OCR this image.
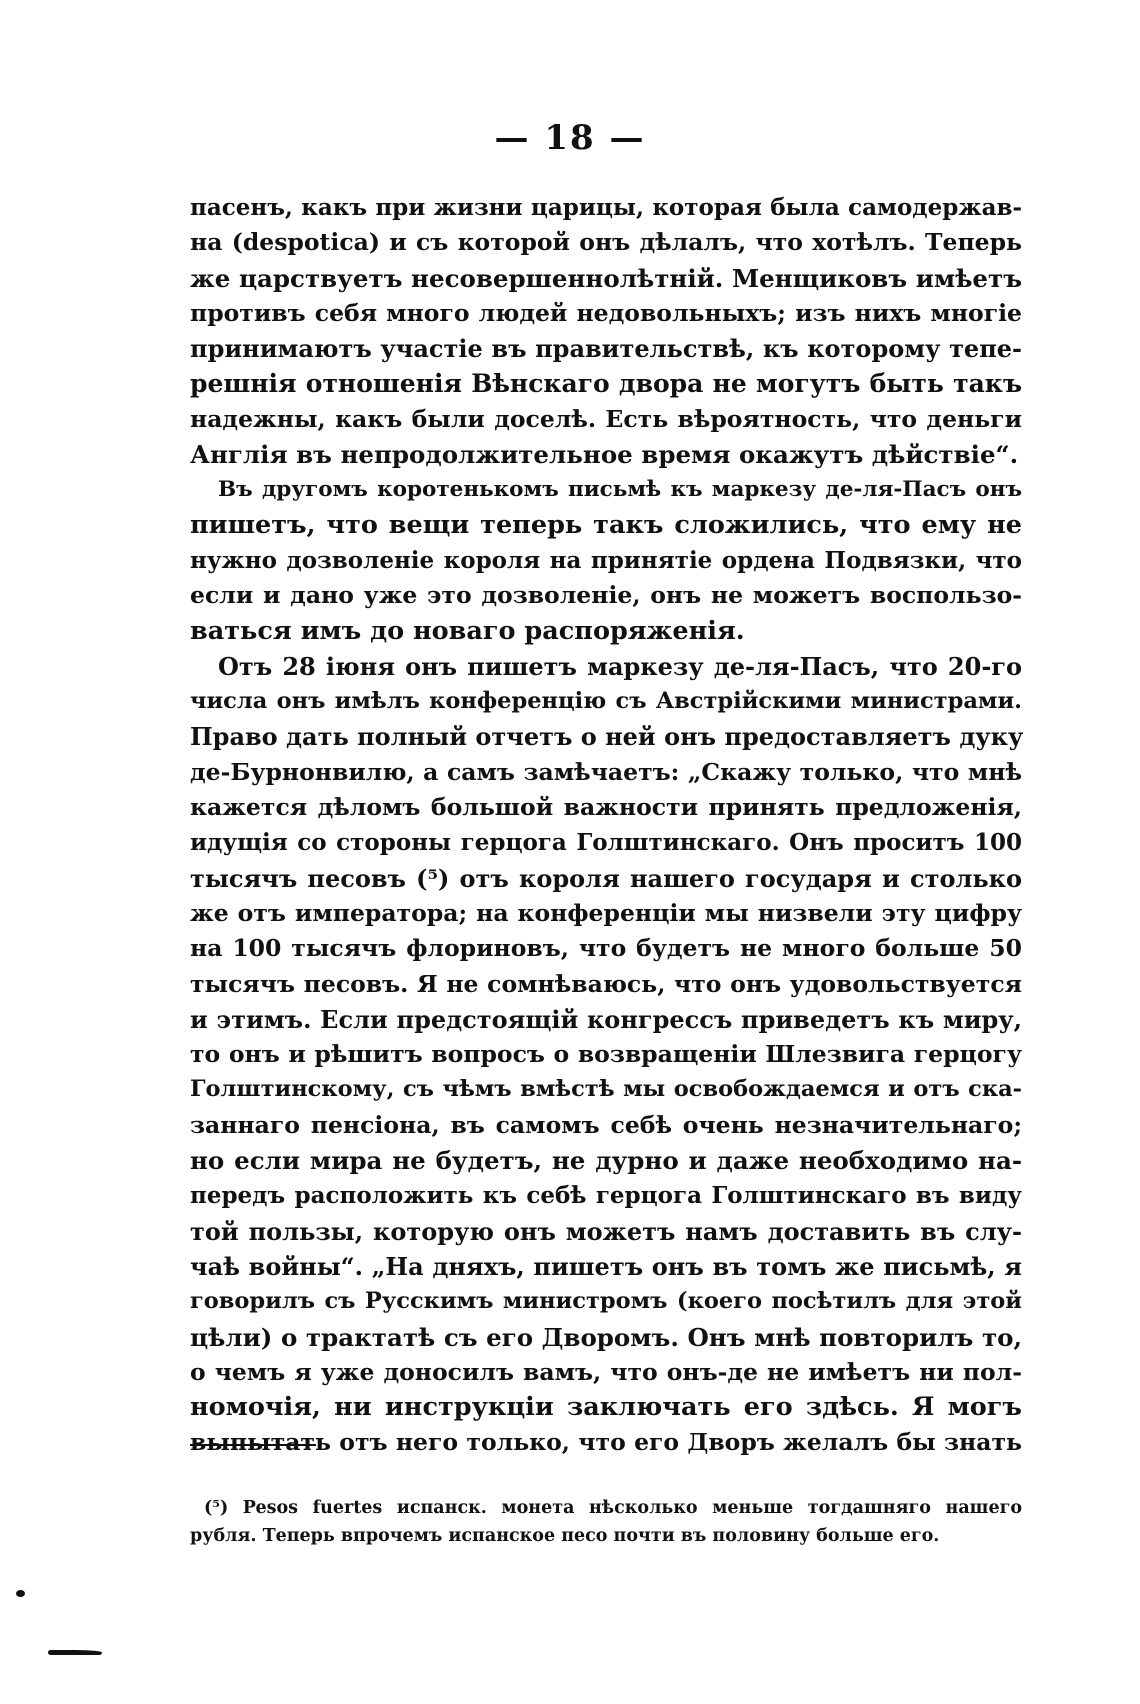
— 18 —
пасенъ, какъ при жизни царицы, которая была самодержав-
на (despotica) и съ которой онъ дѣлалъ, что хотѣлъ. Теперь
же царствуетъ несовершеннолѣтній. Менщиковъ имѣетъ
противъ себя много людей недовольныхъ; изъ нихъ многіе
принимаютъ участіе въ правительствѣ, къ которому тепе-
решнія отношенія Вѣнскаго двора не могутъ быть такъ
надежны, какъ были доселѣ. Есть вѣроятность, что деньги
Англія въ непродолжительное время окажутъ дѣйствіе“.
Въ другомъ коротенькомъ письмѣ къ маркезу де-ля-Пасъ онъ
пишетъ, что вещи теперь такъ сложились, что ему не
нужно дозволеніе короля на принятіе ордена Подвязки, что
если и дано уже это дозволеніе, онъ не можетъ воспользо-
ваться имъ до новаго распоряженія.
Отъ 28 іюня онъ пишетъ маркезу де-ля-Пасъ, что 20-го
числа онъ имѣлъ конференцію съ Австрійскими министрами.
Право дать полный отчетъ о ней онъ предоставляетъ дуку
де-Бурнонвилю, а самъ замѣчаетъ: „Скажу только, что мнѣ
кажется дѣломъ большой важности принять предложенія,
идущія со стороны герцога Голштинскаго. Онъ проситъ 100
тысячъ песовъ (⁵) отъ короля нашего государя и столько
же отъ императора; на конференціи мы низвели эту цифру
на 100 тысячъ флориновъ, что будетъ не много больше 50
тысячъ песовъ. Я не сомнѣваюсь, что онъ удовольствуется
и этимъ. Если предстоящій конгрессъ приведетъ къ миру,
то онъ и рѣшитъ вопросъ о возвращеніи Шлезвига герцогу
Голштинскому, съ чѣмъ вмѣстѣ мы освобождаемся и отъ ска-
заннаго пенсіона, въ самомъ себѣ очень незначительнаго;
но если мира не будетъ, не дурно и даже необходимо на-
передъ расположить къ себѣ герцога Голштинскаго въ виду
той пользы, которую онъ можетъ намъ доставить въ слу-
чаѣ войны“. „На дняхъ, пишетъ онъ въ томъ же письмѣ, я
говорилъ съ Русскимъ министромъ (коего посѣтилъ для этой
цѣли) о трактатѣ съ его Дворомъ. Онъ мнѣ повторилъ то,
о чемъ я уже доносилъ вамъ, что онъ-де не имѣетъ ни пол-
номочія, ни инструкціи заключать его здѣсь. Я могъ
выпытать отъ него только, что его Дворъ желалъ бы знать
(⁵) Pesos fuertes испанск. монета нѣсколько меньше тогдашняго нашего
рубля. Теперь впрочемъ испанское песо почти въ половину больше его.
